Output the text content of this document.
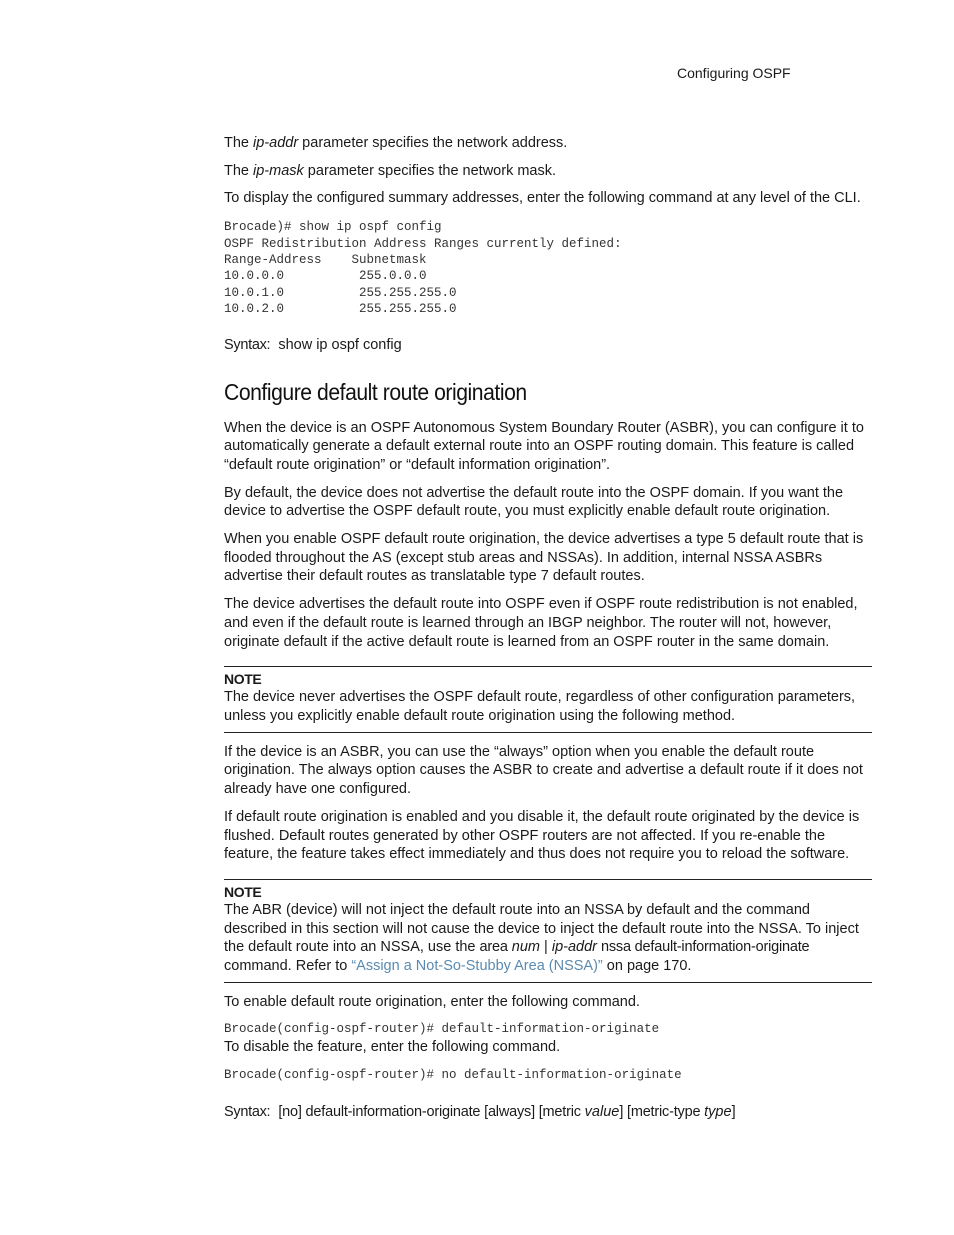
Configuring OSPF

The ip-addr parameter specifies the network address.

The ip-mask parameter specifies the network mask.

To display the configured summary addresses, enter the following command at any level of the CLI.

Brocade)# show ip ospf config
OSPF Redistribution Address Ranges currently defined:
Range-Address    Subnetmask
10.0.0.0          255.0.0.0
10.0.1.0          255.255.255.0
10.0.2.0          255.255.255.0

Syntax: show ip ospf config

Configure default route origination

When the device is an OSPF Autonomous System Boundary Router (ASBR), you can configure it to automatically generate a default external route into an OSPF routing domain. This feature is called “default route origination” or “default information origination”.

By default, the device does not advertise the default route into the OSPF domain. If you want the device to advertise the OSPF default route, you must explicitly enable default route origination.

When you enable OSPF default route origination, the device advertises a type 5 default route that is flooded throughout the AS (except stub areas and NSSAs). In addition, internal NSSA ASBRs advertise their default routes as translatable type 7 default routes.

The device advertises the default route into OSPF even if OSPF route redistribution is not enabled, and even if the default route is learned through an IBGP neighbor. The router will not, however, originate default if the active default route is learned from an OSPF router in the same domain.

NOTE

The device never advertises the OSPF default route, regardless of other configuration parameters, unless you explicitly enable default route origination using the following method.

If the device is an ASBR, you can use the “always” option when you enable the default route origination. The always option causes the ASBR to create and advertise a default route if it does not already have one configured.

If default route origination is enabled and you disable it, the default route originated by the device is flushed. Default routes generated by other OSPF routers are not affected. If you re-enable the feature, the feature takes effect immediately and thus does not require you to reload the software.

NOTE

The ABR (device) will not inject the default route into an NSSA by default and the command described in this section will not cause the device to inject the default route into the NSSA. To inject the default route into an NSSA, use the area num | ip-addr nssa default-information-originate command. Refer to “Assign a Not-So-Stubby Area (NSSA)” on page 170.

To enable default route origination, enter the following command.

Brocade(config-ospf-router)# default-information-originate

To disable the feature, enter the following command.

Brocade(config-ospf-router)# no default-information-originate

Syntax: [no] default-information-originate [always] [metric value] [metric-type type]
